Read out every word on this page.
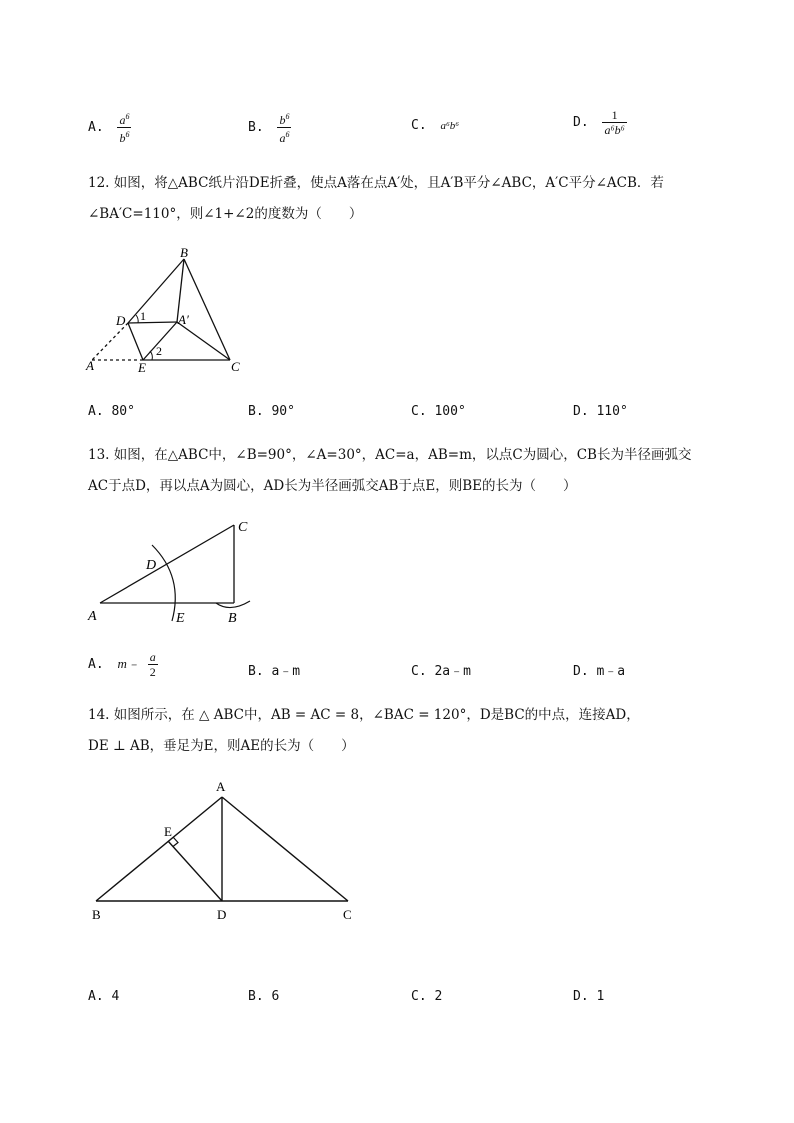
A. $\frac{a^6}{b^6}$	B. $\frac{b^6}{a^6}$	C. a⁶b⁶	D. $\frac{1}{\text{a⁶b⁶}}$
12. 如图，将△ABC纸片沿DE折叠，使点A落在点A′处，且A′B平分∠ABC，A′C平分∠ACB．若
∠BA′C=110°，则∠1+∠2的度数为（　　）
B
D 1 A′
2
A	E	C
A. 80°	B. 90°	C. 100°	D. 110°
13. 如图，在△ABC中，∠B=90°，∠A=30°，AC=a，AB=m，以点C为圆心，CB长为半径画弧交
AC于点D，再以点A为圆心，AD长为半径画弧交AB于点E，则BE的长为（　　）
C
D
A	E	B
A. m﹣ $\frac{a}{2}$	B. a﹣m	C. 2a﹣m	D. m﹣a
14. 如图所示，在 △ ABC中，AB = AC = 8，∠BAC = 120°，D是BC的中点，连接AD，
DE ⊥ AB，垂足为E，则AE的长为（　　）
A
E
B	D	C
A. 4	B. 6	C. 2	D. 1
